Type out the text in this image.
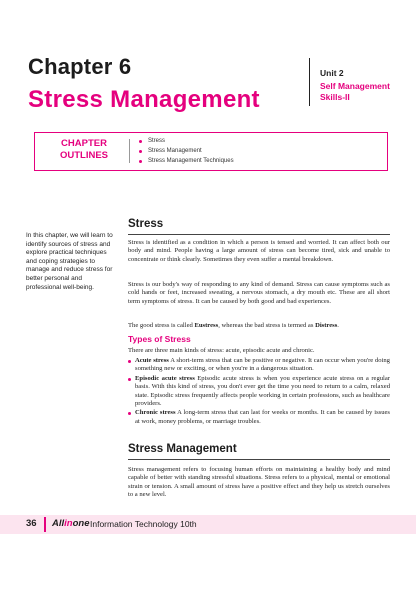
Chapter 6
Stress Management
Unit 2
Self Management Skills-II
CHAPTER OUTLINES
Stress
Stress Management
Stress Management Techniques
In this chapter, we will learn to identify sources of stress and explore practical techniques and coping strategies to manage and reduce stress for better personal and professional well-being.
Stress

Stress is identified as a condition in which a person is tensed and worried. It can affect both our body and mind. People having a large amount of stress can become tired, sick and unable to concentrate or think clearly. Sometimes they even suffer a mental breakdown.

Stress is our body's way of responding to any kind of demand. Stress can cause symptoms such as cold hands or feet, increased sweating, a nervous stomach, a dry mouth etc. These are all short term symptoms of stress. It can be caused by both good and bad experiences.

The good stress is called Eustress, whereas the bad stress is termed as Distress.

Types of Stress

There are three main kinds of stress: acute, episodic acute and chronic.

Acute stress A short-term stress that can be positive or negative. It can occur when you're doing something new or exciting, or when you're in a dangerous situation.
Episodic acute stress Episodic acute stress is when you experience acute stress on a regular basis. With this kind of stress, you don't ever get the time you need to return to a calm, relaxed state. Episodic stress frequently affects people working in certain professions, such as healthcare providers.
Chronic stress A long-term stress that can last for weeks or months. It can be caused by issues at work, money problems, or marriage troubles.
Stress Management

Stress management refers to focusing human efforts on maintaining a healthy body and mind capable of better with standing stressful situations. Stress refers to a physical, mental or emotional strain or tension. A small amount of stress have a positive effect and they help us stretch ourselves to a new level.

36 Allinone Information Technology 10th
